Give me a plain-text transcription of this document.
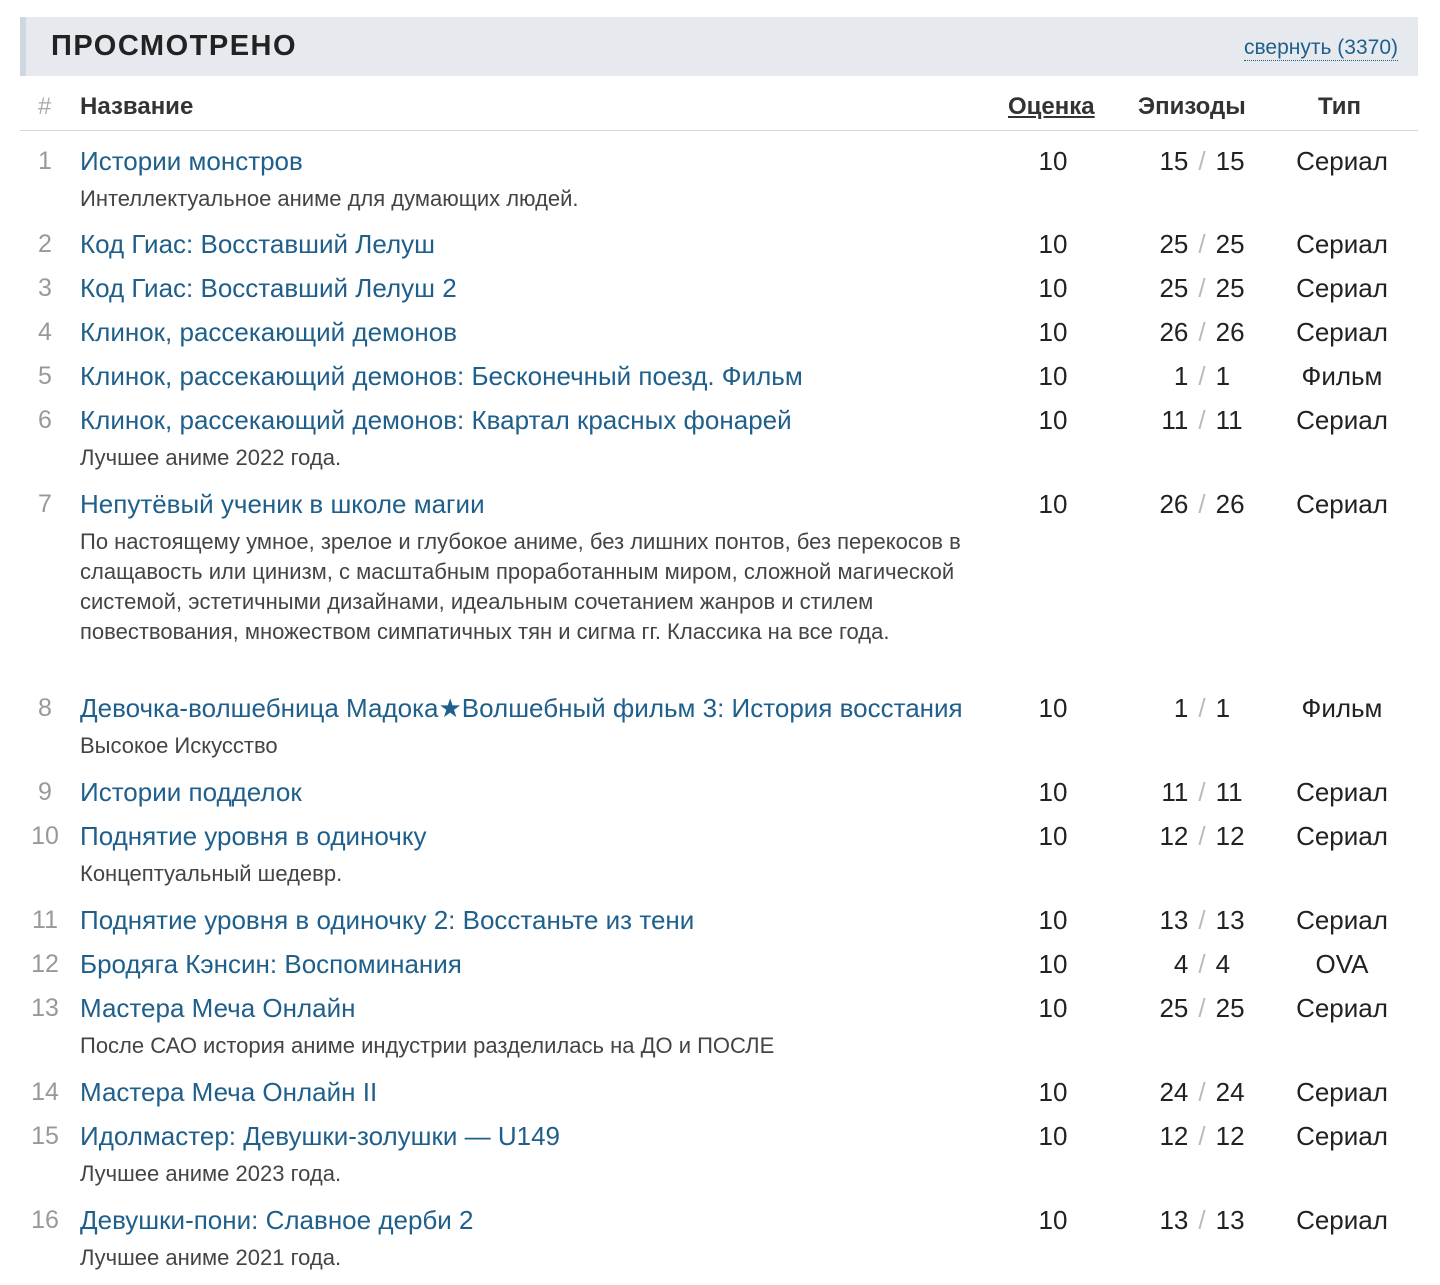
ПРОСМОТРЕНО	свернуть (3370)
# Название	Оценка Эпизоды	Тип
1	Истории монстров	10	15 / 15	Сериал
Интеллектуальное аниме для думающих людей.
2	Код Гиас: Восставший Лелуш	10	25 / 25	Сериал
3	Код Гиас: Восставший Лелуш 2	10	25 / 25	Сериал
4	Клинок, рассекающий демонов	10	26 / 26	Сериал
5	Клинок, рассекающий демонов: Бесконечный поезд. Фильм	10	1 / 1	Фильм
6	Клинок, рассекающий демонов: Квартал красных фонарей	10	11 / 11	Сериал
Лучшее аниме 2022 года.
7	Непутёвый ученик в школе магии	10	26 / 26	Сериал
По настоящему умное, зрелое и глубокое аниме, без лишних понтов, без перекосов в слащавость или цинизм, с масштабным проработанным миром, сложной магической системой, эстетичными дизайнами, идеальным сочетанием жанров и стилем повествования, множеством симпатичных тян и сигма гг. Классика на все года.
8	Девочка-волшебница Мадока★Волшебный фильм 3: История восстания	10	1 / 1	Фильм
Высокое Искусство
9	Истории подделок	10	11 / 11	Сериал
10 Поднятие уровня в одиночку	10	12 / 12	Сериал
Концептуальный шедевр.
11 Поднятие уровня в одиночку 2: Восстаньте из тени	10	13 / 13	Сериал
12 Бродяга Кэнсин: Воспоминания	10	4 / 4	OVA
13 Мастера Меча Онлайн	10	25 / 25	Сериал
После САО история аниме индустрии разделилась на ДО и ПОСЛЕ
14 Мастера Меча Онлайн II	10	24 / 24	Сериал
15 Идолмастер: Девушки-золушки — U149	10	12 / 12	Сериал
Лучшее аниме 2023 года.
16 Девушки-пони: Славное дерби 2	10	13 / 13	Сериал
Лучшее аниме 2021 года.
